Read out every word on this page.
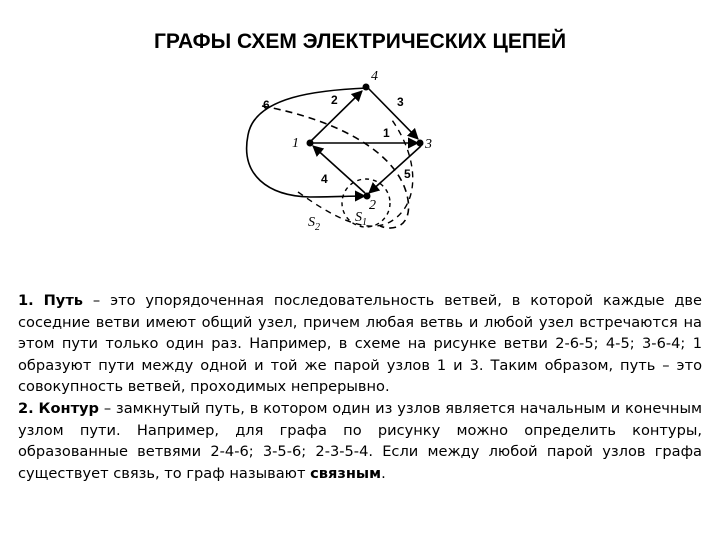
ГРАФЫ СХЕМ ЭЛЕКТРИЧЕСКИХ ЦЕПЕЙ
4
1	3
2
2	3
1
6
4	5
$S_2$
$S_1$

1. Путь – это упорядоченная последовательность ветвей, в которой каждые две соседние ветви имеют общий узел, причем любая ветвь и любой узел встречаются на этом пути только один раз. Например, в схеме на рисунке ветви 2-6-5; 4-5; 3-6-4; 1 образуют пути между одной и той же парой узлов 1 и 3. Таким образом, путь – это совокупность ветвей, проходимых непрерывно.

2. Контур – замкнутый путь, в котором один из узлов является начальным и конечным узлом пути. Например, для графа по рисунку можно определить контуры, образованные ветвями 2-4-6; 3-5-6; 2-3-5-4. Если между любой парой узлов графа существует связь, то граф называют связным.
